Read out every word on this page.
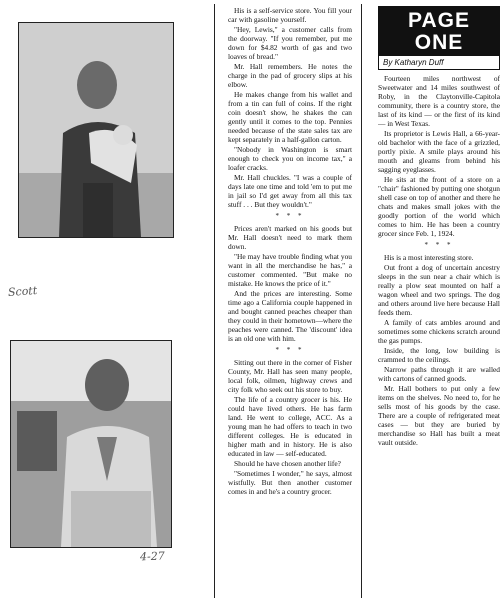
Scott
4-27

His is a self-service store. You fill your car with gasoline yourself.

"Hey, Lewis," a customer calls from the doorway. "If you remember, put me down for $4.82 worth of gas and two loaves of bread."

Mr. Hall remembers. He notes the charge in the pad of grocery slips at his elbow.

He makes change from his wallet and from a tin can full of coins. If the right coin doesn't show, he shakes the can gently until it comes to the top. Pennies needed because of the state sales tax are kept separately in a half-gallon carton.

"Nobody in Washington is smart enough to check you on income tax," a loafer cracks.

Mr. Hall chuckles. "I was a couple of days late one time and told 'em to put me in jail so I'd get away from all this tax stuff . . . But they wouldn't."

* * *

Prices aren't marked on his goods but Mr. Hall doesn't need to mark them down.

"He may have trouble finding what you want in all the merchandise he has," a customer commented. "But make no mistake. He knows the price of it."

And the prices are interesting. Some time ago a California couple happened in and bought canned peaches cheaper than they could in their hometown—where the peaches were canned. The 'discount' idea is an old one with him.

* * *

Sitting out there in the corner of Fisher County, Mr. Hall has seen many people, local folk, oilmen, highway crews and city folk who seek out his store to buy.

The life of a country grocer is his. He could have lived others. He has farm land. He went to college, ACC. As a young man he had offers to teach in two different colleges. He is educated in higher math and in history. He is also educated in law — self-educated.

Should he have chosen another life?

"Sometimes I wonder," he says, almost wistfully. But then another customer comes in and he's a country grocer.

PAGE
ONE
By Katharyn Duff

Fourteen miles northwest of Sweetwater and 14 miles southwest of Roby, in the Claytonville-Capitola community, there is a country store, the last of its kind — or the first of its kind — in West Texas.

Its proprietor is Lewis Hall, a 66-year-old bachelor with the face of a grizzled, portly pixie. A smile plays around his mouth and gleams from behind his sagging eyeglasses.

He sits at the front of a store on a "chair" fashioned by putting one shotgun shell case on top of another and there he chats and makes small jokes with the goodly portion of the world which comes to him. He has been a country grocer since Feb. 1, 1924.

* * *

His is a most interesting store.

Out front a dog of uncertain ancestry sleeps in the sun near a chair which is really a plow seat mounted on half a wagon wheel and two springs. The dog and others around live here because Hall feeds them.

A family of cats ambles around and sometimes some chickens scratch around the gas pumps.

Inside, the long, low building is crammed to the ceilings.

Narrow paths through it are walled with cartons of canned goods.

Mr. Hall bothers to put only a few items on the shelves. No need to, for he sells most of his goods by the case. There are a couple of refrigerated meat cases — but they are buried by merchandise so Hall has built a meat vault outside.
